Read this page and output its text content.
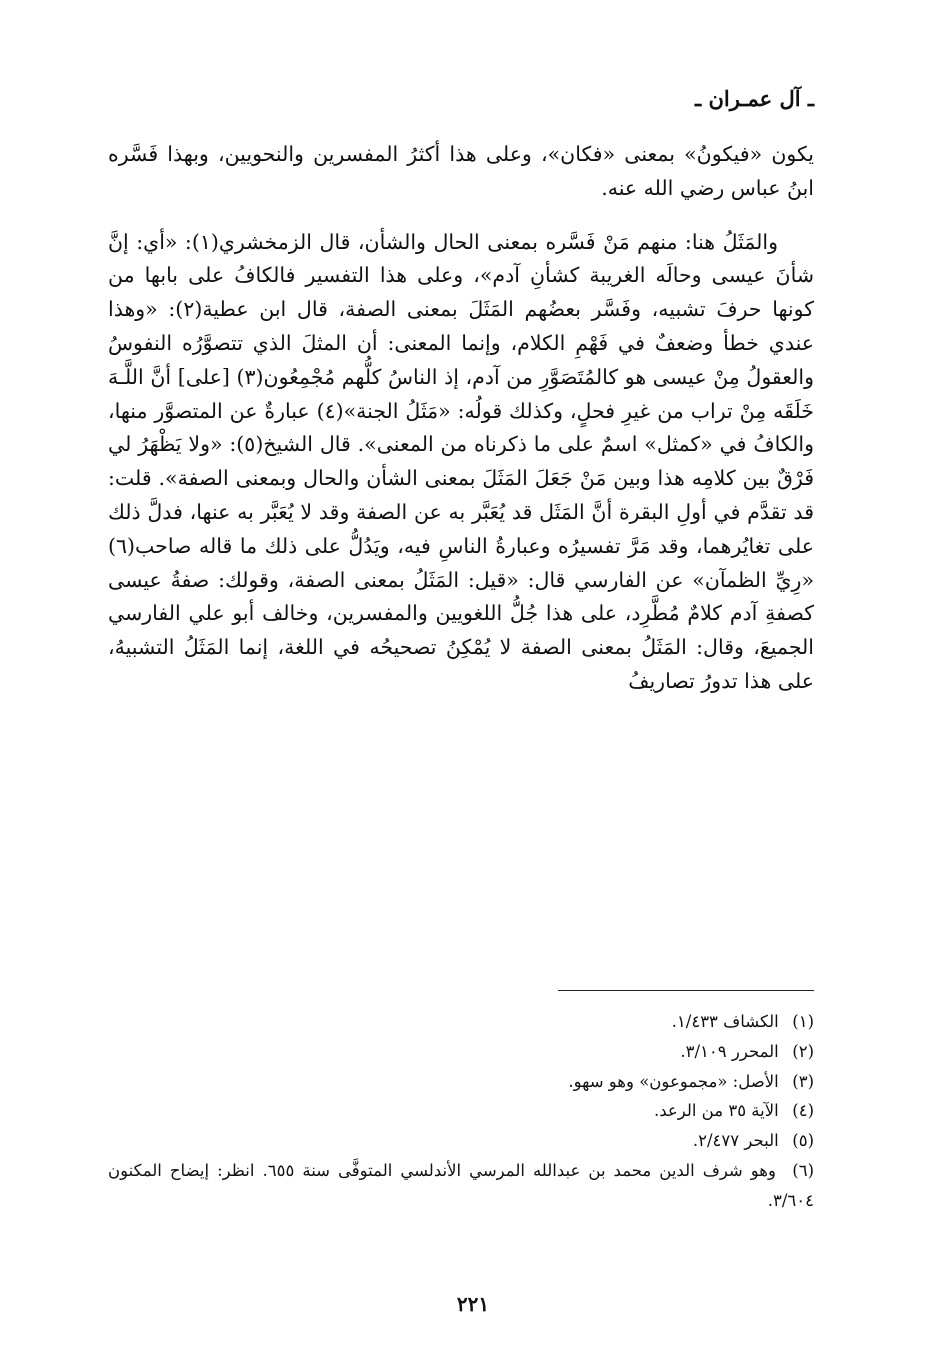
ـ آل عمـران ـ

يكون «فيكونُ» بمعنى «فكان»، وعلى هذا أكثرُ المفسرين والنحويين، وبهذا فَسَّره ابنُ عباس رضي الله عنه.

والمَثَلُ هنا: منهم مَنْ فَسَّره بمعنى الحال والشأن، قال الزمخشري(١): «أي: إنَّ شأنَ عيسى وحالَه الغريبة كشأنِ آدم»، وعلى هذا التفسير فالكافُ على بابها من كونها حرفَ تشبيه، وفَسَّر بعضُهم المَثَلَ بمعنى الصفة، قال ابن عطية(٢): «وهذا عندي خطأ وضعفٌ في فَهْمِ الكلام، وإنما المعنى: أن المثلَ الذي تتصوَّرُه النفوسُ والعقولُ مِنْ عيسى هو كالمُتَصَوَّرِ من آدم، إذ الناسُ كلُّهم مُجْمِعُون(٣) [على] أنَّ اللَّـهَ خَلَقَه مِنْ تراب من غيرِ فحلٍ، وكذلك قولُه: «مَثَلُ الجنة»(٤) عبارةٌ عن المتصوَّر منها، والكافُ في «كمثل» اسمٌ على ما ذكرناه من المعنى». قال الشيخ(٥): «ولا يَظْهَرُ لي فَرْقٌ بين كلامِه هذا وبين مَنْ جَعَلَ المَثَلَ بمعنى الشأن والحال وبمعنى الصفة». قلت: قد تقدَّم في أولِ البقرة أنَّ المَثَل قد يُعَبَّر به عن الصفة وقد لا يُعَبَّر به عنها، فدلَّ ذلك على تغايُرهما، وقد مَرَّ تفسيرُه وعبارةُ الناسِ فيه، ويَدُلُّ على ذلك ما قاله صاحب(٦) «رِيِّ الظمآن» عن الفارسي قال: «قيل: المَثَلُ بمعنى الصفة، وقولك: صفةُ عيسى كصفةِ آدم كلامٌ مُطَّرِد، على هذا جُلُّ اللغويين والمفسرين، وخالف أبو علي الفارسي الجميعَ، وقال: المَثَلُ بمعنى الصفة لا يُمْكِنُ تصحيحُه في اللغة، إنما المَثَلُ التشبيهُ، على هذا تدورُ تصاريفُ

(١) الكشاف ١/٤٣٣.
(٢) المحرر ٣/١٠٩.
(٣) الأصل: «مجموعون» وهو سهو.
(٤) الآية ٣٥ من الرعد.
(٥) البحر ٢/٤٧٧.
(٦) وهو شرف الدين محمد بن عبدالله المرسي الأندلسي المتوفَّى سنة ٦٥٥. انظر: إيضاح المكنون ٣/٦٠٤.
٢٢١
